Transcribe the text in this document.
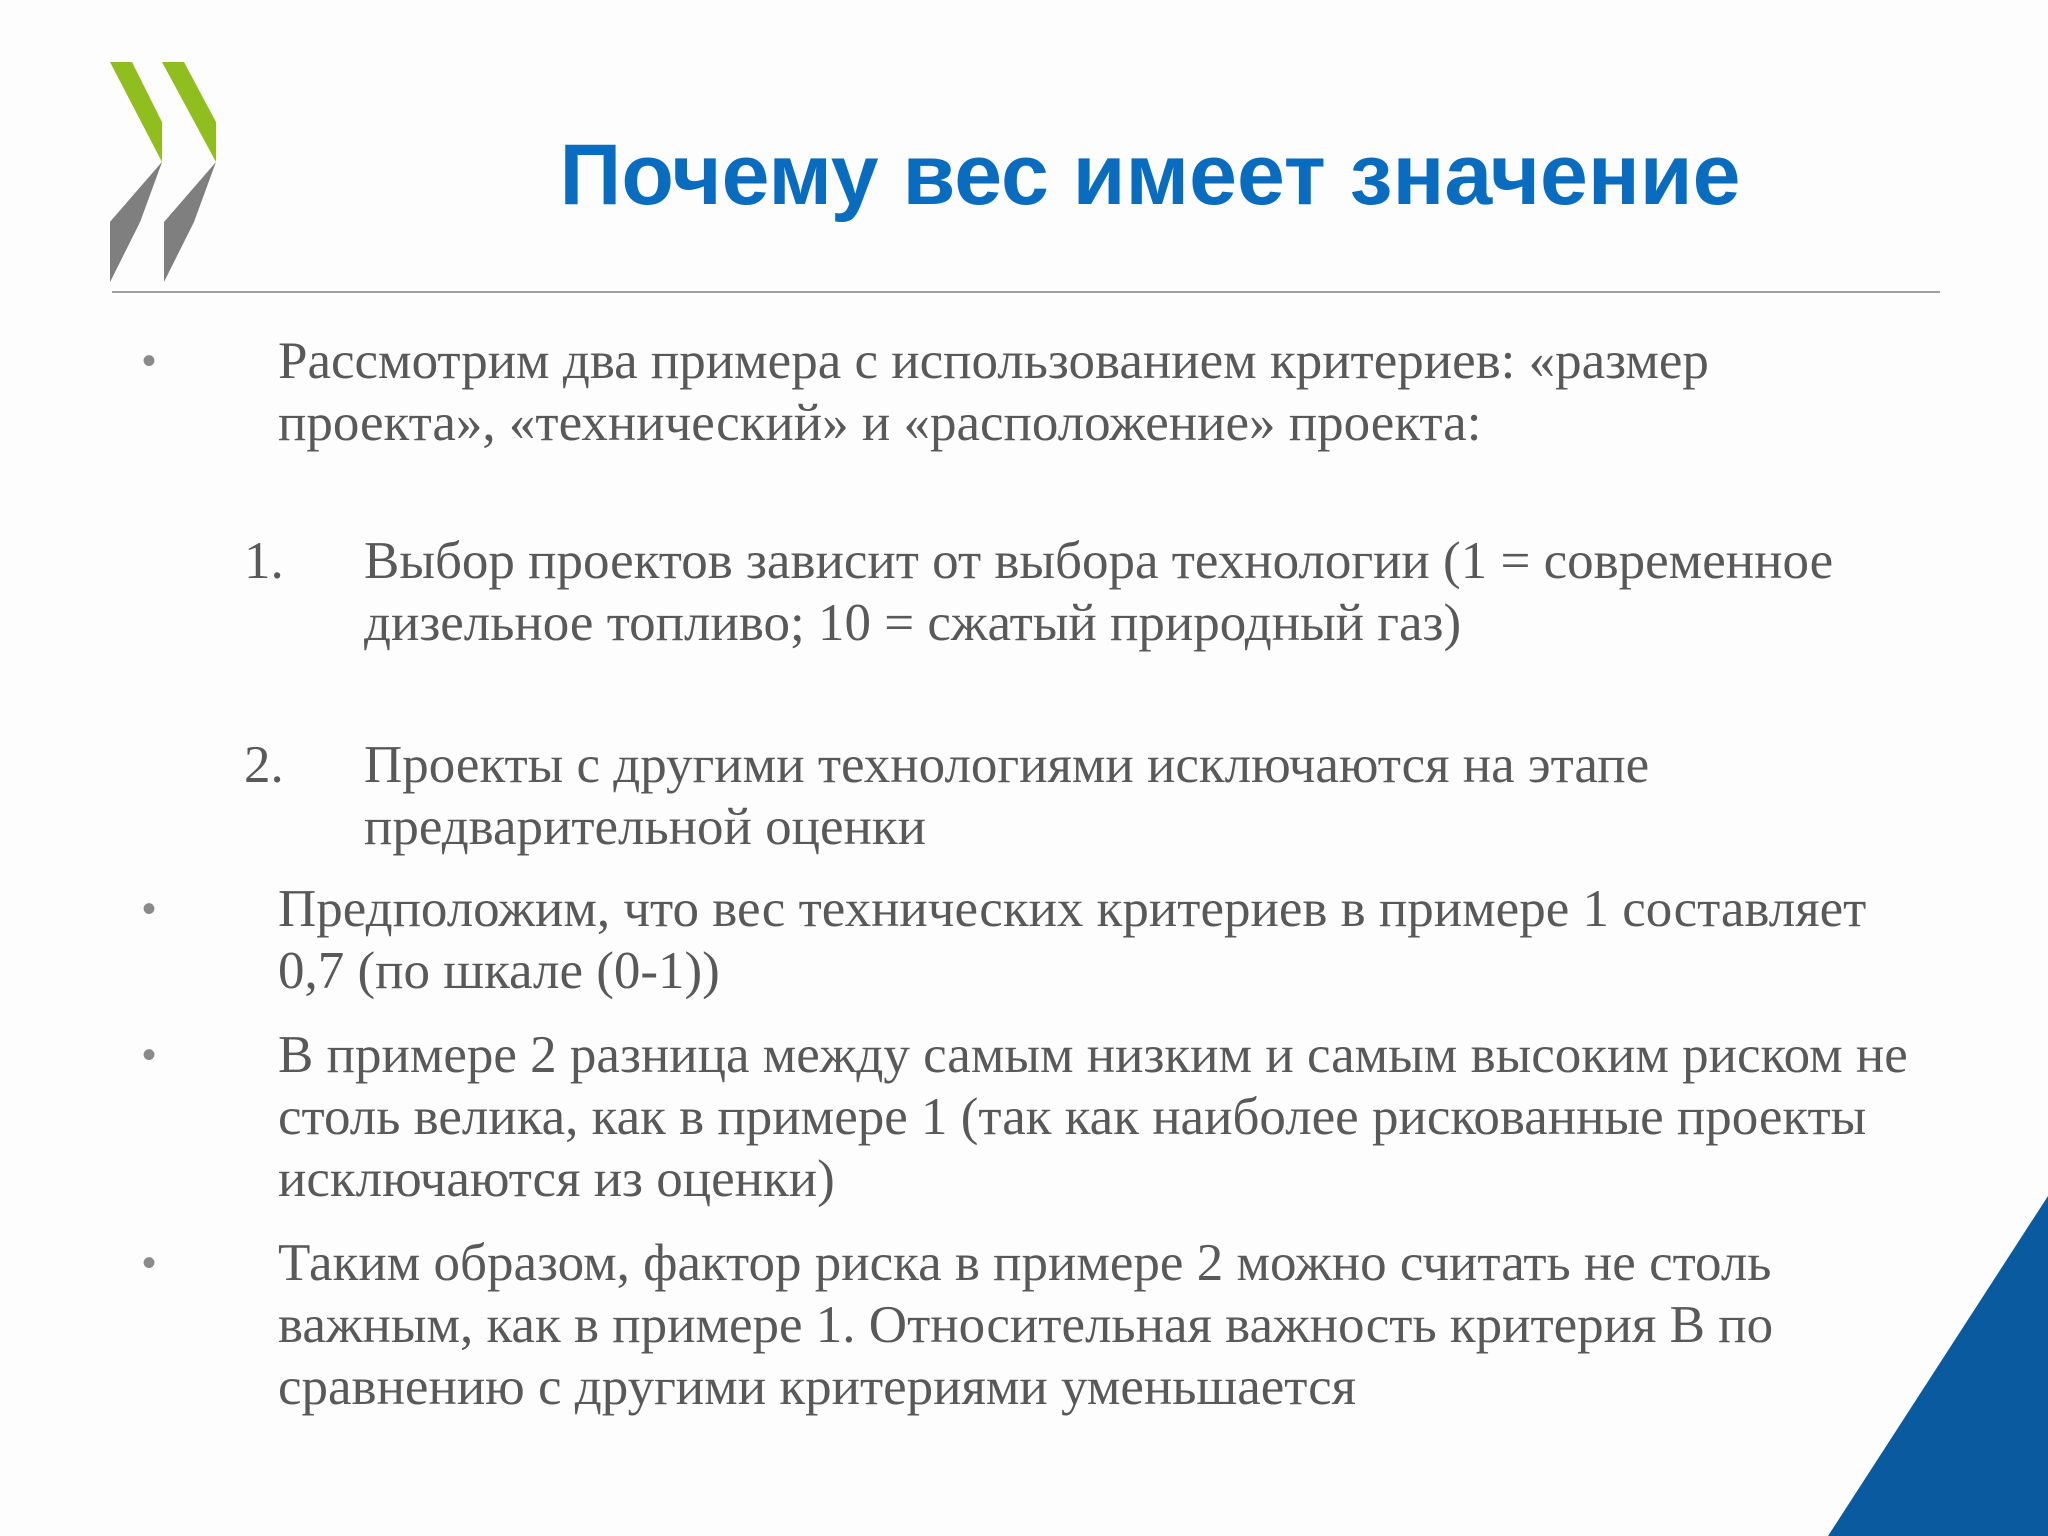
Почему вес имеет значение
• Рассмотрим два примера с использованием критериев: «размер проекта», «технический» и «расположение» проекта:

1. Выбор проектов зависит от выбора технологии (1 = современное дизельное топливо; 10 = сжатый природный газ)

2. Проекты с другими технологиями исключаются на этапе предварительной оценки

• Предположим, что вес технических критериев в примере 1 составляет 0,7 (по шкале (0-1))

• В примере 2 разница между самым низким и самым высоким риском не столь велика, как в примере 1 (так как наиболее рискованные проекты исключаются из оценки)

• Таким образом, фактор риска в примере 2 можно считать не столь важным, как в примере 1. Относительная важность критерия В по сравнению с другими критериями уменьшается
